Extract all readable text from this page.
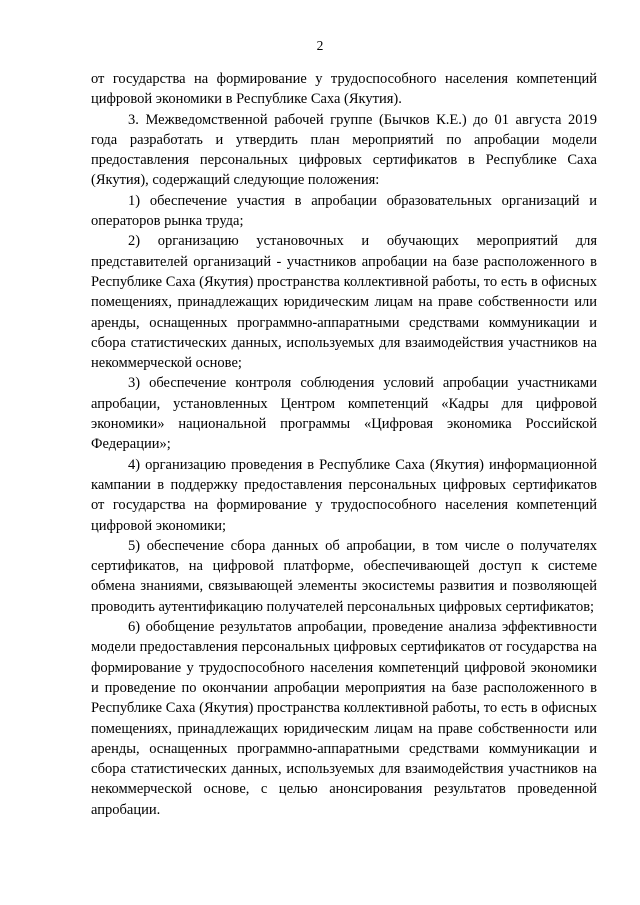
2

от государства на формирование у трудоспособного населения компетенций цифровой экономики в Республике Саха (Якутия).

3. Межведомственной рабочей группе (Бычков К.Е.) до 01 августа 2019 года разработать и утвердить план мероприятий по апробации модели предоставления персональных цифровых сертификатов в Республике Саха (Якутия), содержащий следующие положения:

1) обеспечение участия в апробации образовательных организаций и операторов рынка труда;

2) организацию установочных и обучающих мероприятий для представителей организаций - участников апробации на базе расположенного в Республике Саха (Якутия) пространства коллективной работы, то есть в офисных помещениях, принадлежащих юридическим лицам на праве собственности или аренды, оснащенных программно-аппаратными средствами коммуникации и сбора статистических данных, используемых для взаимодействия участников на некоммерческой основе;

3) обеспечение контроля соблюдения условий апробации участниками апробации, установленных Центром компетенций «Кадры для цифровой экономики» национальной программы «Цифровая экономика Российской Федерации»;

4) организацию проведения в Республике Саха (Якутия) информационной кампании в поддержку предоставления персональных цифровых сертификатов от государства на формирование у трудоспособного населения компетенций цифровой экономики;

5) обеспечение сбора данных об апробации, в том числе о получателях сертификатов, на цифровой платформе, обеспечивающей доступ к системе обмена знаниями, связывающей элементы экосистемы развития и позволяющей проводить аутентификацию получателей персональных цифровых сертификатов;

6) обобщение результатов апробации, проведение анализа эффективности модели предоставления персональных цифровых сертификатов от государства на формирование у трудоспособного населения компетенций цифровой экономики и проведение по окончании апробации мероприятия на базе расположенного в Республике Саха (Якутия) пространства коллективной работы, то есть в офисных помещениях, принадлежащих юридическим лицам на праве собственности или аренды, оснащенных программно-аппаратными средствами коммуникации и сбора статистических данных, используемых для взаимодействия участников на некоммерческой основе, с целью анонсирования результатов проведенной апробации.
